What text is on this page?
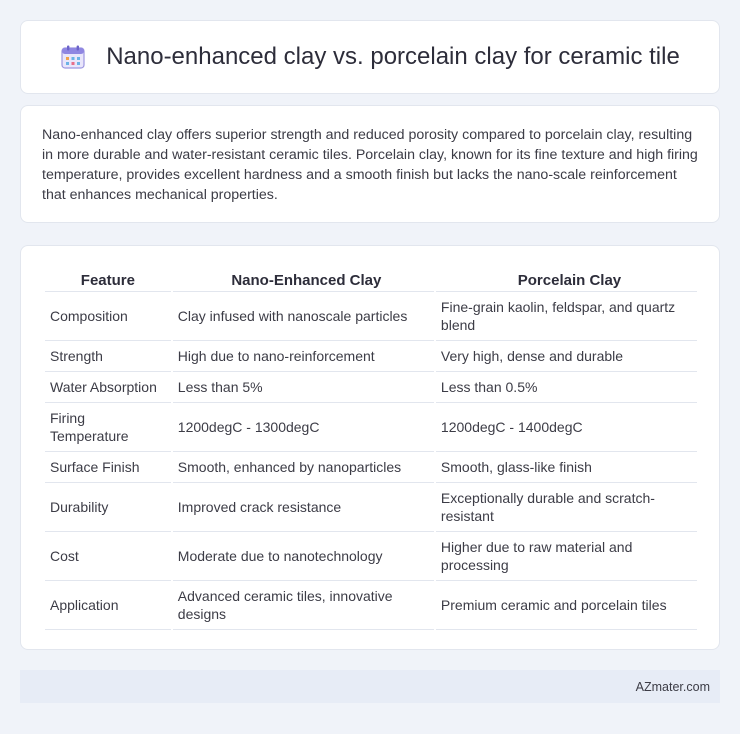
Nano-enhanced clay vs. porcelain clay for ceramic tile

Nano-enhanced clay offers superior strength and reduced porosity compared to porcelain clay, resulting in more durable and water-resistant ceramic tiles. Porcelain clay, known for its fine texture and high firing temperature, provides excellent hardness and a smooth finish but lacks the nano-scale reinforcement that enhances mechanical properties.

Feature	Nano-Enhanced Clay	Porcelain Clay
Composition	Clay infused with nanoscale particles	Fine-grain kaolin, feldspar, and quartz blend
Strength	High due to nano-reinforcement	Very high, dense and durable
Water Absorption	Less than 5%	Less than 0.5%
Firing Temperature	1200degC - 1300degC	1200degC - 1400degC
Surface Finish	Smooth, enhanced by nanoparticles	Smooth, glass-like finish
Durability	Improved crack resistance	Exceptionally durable and scratch-resistant
Cost	Moderate due to nanotechnology	Higher due to raw material and processing
Application	Advanced ceramic tiles, innovative designs	Premium ceramic and porcelain tiles
AZmater.com
